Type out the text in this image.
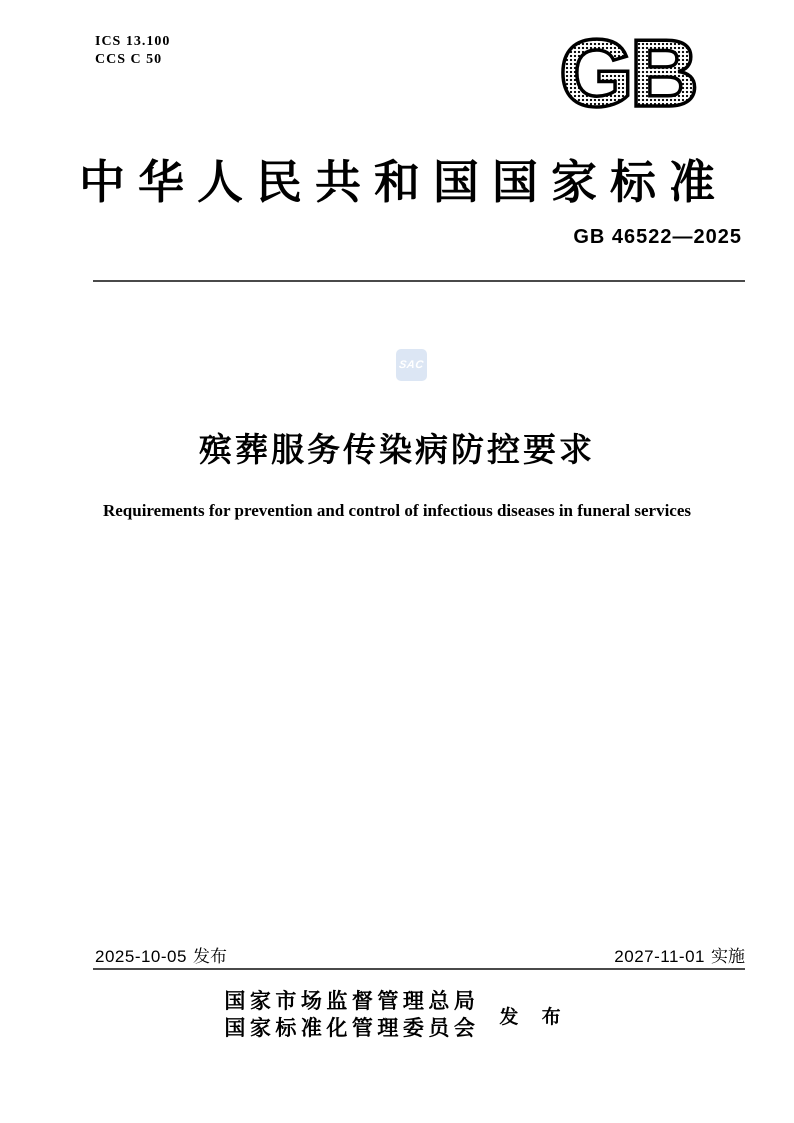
ICS 13.100
CCS C 50	GB
中华人民共和国国家标准
GB 46522—2025
SAC
殡葬服务传染病防控要求
Requirements for prevention and control of infectious diseases in funeral services
2025-10-05 发布	2027-11-01 实施
国家市场监督管理总局
国家标准化管理委员会 发 布
